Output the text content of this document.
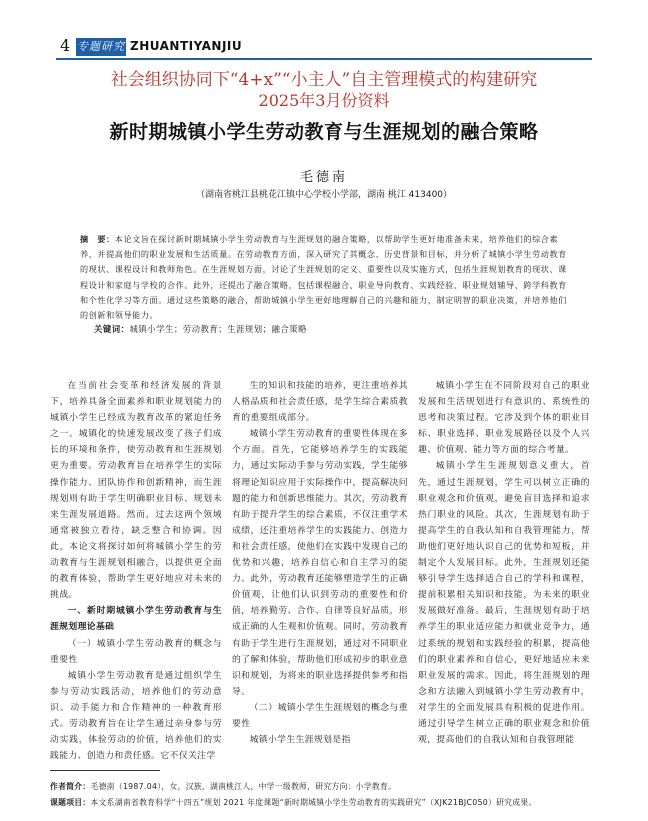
4 专题研究 ZHUANTIYANJIU
社会组织协同下“4+x”“小主人”自主管理模式的构建研究
2025年3月份资料
新时期城镇小学生劳动教育与生涯规划的融合策略
毛德南
（湖南省桃江县桃花江镇中心学校小学部，湖南 桃江 413400）
摘　要：本论文旨在探讨新时期城镇小学生劳动教育与生涯规划的融合策略，以帮助学生更好地准备未来，培养他们的综合素养，并提高他们的职业发展和生活质量。在劳动教育方面，深入研究了其概念、历史背景和目标，并分析了城镇小学生劳动教育的现状、课程设计和教师角色。在生涯规划方面，讨论了生涯规划的定义、重要性以及实施方式，包括生涯规划教育的现状、课程设计和家庭与学校的合作。此外，还提出了融合策略，包括课程融合、职业导向教育、实践经验、职业规划辅导、跨学科教育和个性化学习等方面。通过这些策略的融合，帮助城镇小学生更好地理解自己的兴趣和能力，制定明智的职业决策，并培养他们的创新和领导能力。
关键词：城镇小学生；劳动教育；生涯规划；融合策略

在当前社会变革和经济发展的背景下，培养具备全面素养和职业规划能力的城镇小学生已经成为教育改革的紧迫任务之一。城镇化的快速发展改变了孩子们成长的环境和条件，使劳动教育和生涯规划更为重要。劳动教育旨在培养学生的实际操作能力、团队协作和创新精神，而生涯规划则有助于学生明确职业目标、规划未来生涯发展道路。然而，过去这两个领域通常被独立看待，缺乏整合和协调。因此，本论文将探讨如何将城镇小学生的劳动教育与生涯规划相融合，以提供更全面的教育体验，帮助学生更好地应对未来的挑战。

一、新时期城镇小学生劳动教育与生涯规划理论基础

（一）城镇小学生劳动教育的概念与重要性

城镇小学生劳动教育是通过组织学生参与劳动实践活动，培养他们的劳动意识、动手能力和合作精神的一种教育形式。劳动教育旨在让学生通过亲身参与劳动实践，体验劳动的价值，培养他们的实践能力、创造力和责任感。它不仅关注学

生的知识和技能的培养，更注重培养其人格品质和社会责任感，是学生综合素质教育的重要组成部分。

城镇小学生劳动教育的重要性体现在多个方面。首先，它能够培养学生的实践能力，通过实际动手参与劳动实践，学生能够将理论知识应用于实际操作中，提高解决问题的能力和创新思维能力。其次，劳动教育有助于提升学生的综合素质，不仅注重学术成绩，还注重培养学生的实践能力、创造力和社会责任感，使他们在实践中发现自己的优势和兴趣，培养自信心和自主学习的能力。此外，劳动教育还能够塑造学生的正确价值观，让他们认识到劳动的重要性和价值，培养勤劳、合作、自律等良好品质，形成正确的人生观和价值观。同时，劳动教育有助于学生进行生涯规划，通过对不同职业的了解和体验，帮助他们形成初步的职业意识和规划，为将来的职业选择提供参考和指导。

（二）城镇小学生生涯规划的概念与重要性

城镇小学生生涯规划是指

城镇小学生在不同阶段对自己的职业发展和生活规划进行有意识的、系统性的思考和决策过程。它涉及到个体的职业目标、职业选择、职业发展路径以及个人兴趣、价值观、能力等方面的综合考量。

城镇小学生生涯规划意义重大，首先，通过生涯规划，学生可以树立正确的职业观念和价值观，避免盲目选择和追求热门职业的风险。其次，生涯规划有助于提高学生的自我认知和自我管理能力，帮助他们更好地认识自己的优势和短板，并制定个人发展目标。此外，生涯规划还能够引导学生选择适合自己的学科和课程，提前积累相关知识和技能，为未来的职业发展做好准备。最后，生涯规划有助于培养学生的职业适应能力和就业竞争力，通过系统的规划和实践经验的积累，提高他们的职业素养和自信心，更好地适应未来职业发展的需求。因此，将生涯规划的理念和方法融入到城镇小学生劳动教育中，对学生的全面发展具有积极的促进作用。通过引导学生树立正确的职业观念和价值观，提高他们的自我认知和自我管理能

作者简介：毛德南（1987.04），女，汉族，湖南桃江人，中学一级教师，研究方向：小学教育。
课题项目：本文系湖南省教育科学“十四五”规划 2021 年度课题“新时期城镇小学生劳动教育的实践研究”（XJK21BJC050）研究成果。
